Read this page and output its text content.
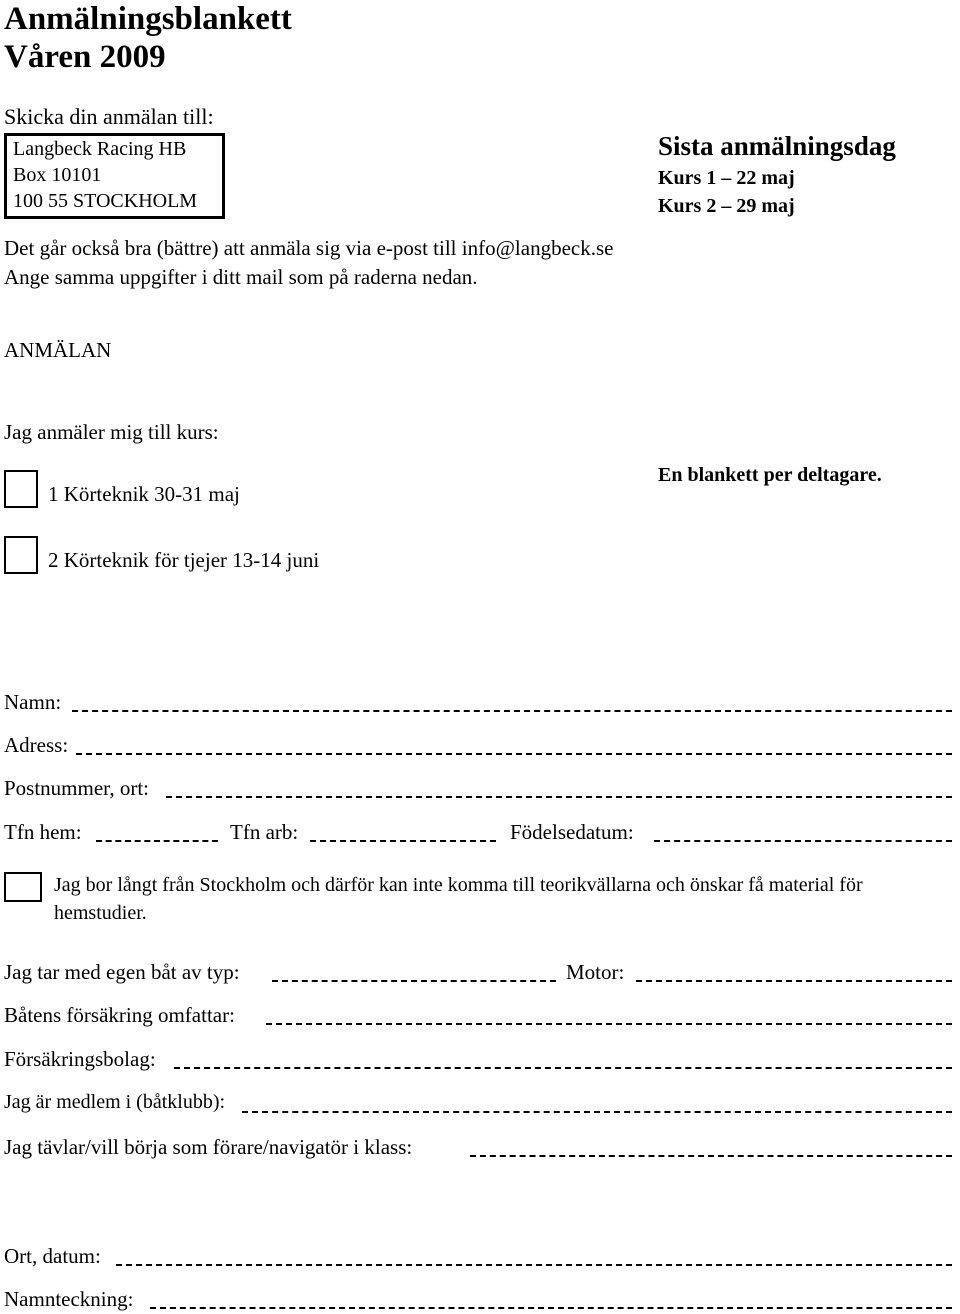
Anmälningsblankett
Våren 2009
Skicka din anmälan till:
Langbeck Racing HB
Box 10101
100 55 STOCKHOLM
Sista anmälningsdag
Kurs 1 – 22 maj
Kurs 2 – 29 maj
Det går också bra (bättre) att anmäla sig via e-post till info@langbeck.se
Ange samma uppgifter i ditt mail som på raderna nedan.
ANMÄLAN
Jag anmäler mig till kurs:
1 Körteknik 30-31 maj
En blankett per deltagare.
2 Körteknik för tjejer 13-14 juni
Namn:
Adress:
Postnummer, ort:
Tfn hem:	Tfn arb:	Födelsedatum:
Jag bor långt från Stockholm och därför kan inte komma till teorikvällarna och önskar få material för
hemstudier.
Jag tar med egen båt av typ:	Motor:
Båtens försäkring omfattar:
Försäkringsbolag:
Jag är medlem i (båtklubb):
Jag tävlar/vill börja som förare/navigatör i klass:
Ort, datum:
Namnteckning:
